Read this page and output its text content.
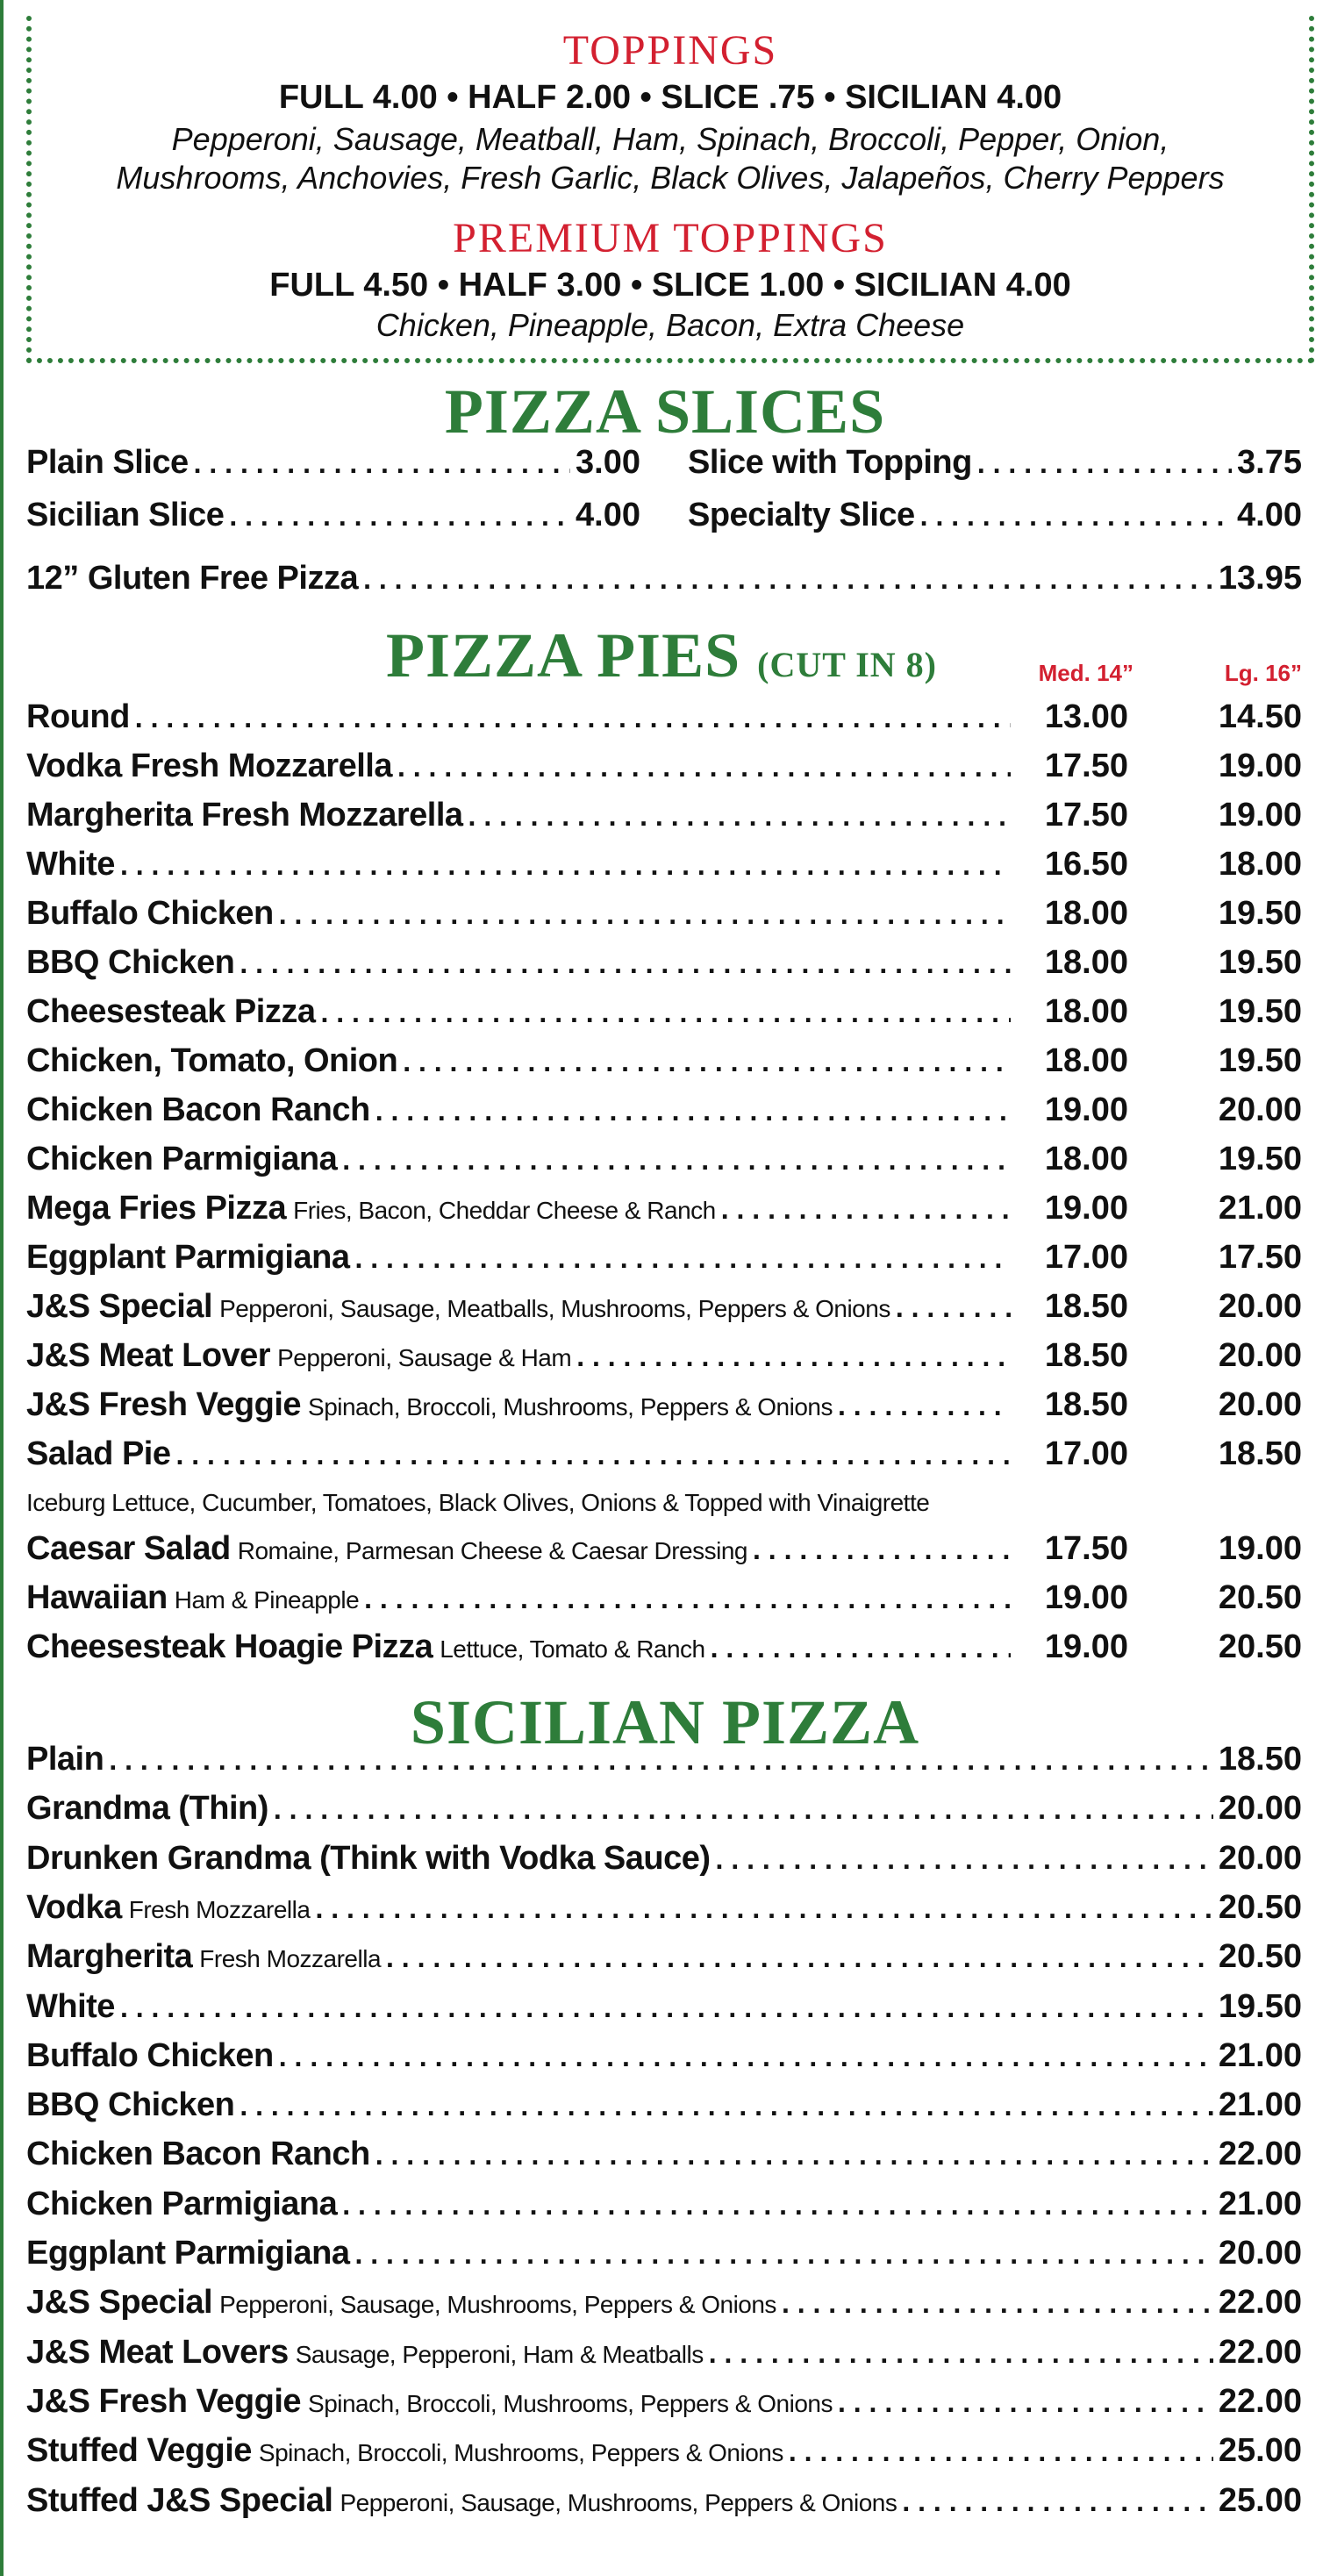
TOPPINGS
FULL 4.00 • HALF 2.00 • SLICE .75 • SICILIAN 4.00
Pepperoni, Sausage, Meatball, Ham, Spinach, Broccoli, Pepper, Onion,
Mushrooms, Anchovies, Fresh Garlic, Black Olives, Jalapeños, Cherry Peppers
PREMIUM TOPPINGS
FULL 4.50 • HALF 3.00 • SLICE 1.00 • SICILIAN 4.00
Chicken, Pineapple, Bacon, Extra Cheese
PIZZA SLICES
Plain Slice . . .	3.00 Slice with Topping . . .	3.75
Sicilian Slice . . .	4.00 Specialty Slice . . .	4.00
12” Gluten Free Pizza . . .	13.95
PIZZA PIES (CUT IN 8)	Med. 14”	Lg. 16”
Round . . .	13.00	14.50
Vodka Fresh Mozzarella . . .	17.50	19.00
Margherita Fresh Mozzarella . . .	17.50	19.00
White . . .	16.50	18.00
Buffalo Chicken . . .	18.00	19.50
BBQ Chicken . . .	18.00	19.50
Cheesesteak Pizza . . .	18.00	19.50
Chicken, Tomato, Onion . . .	18.00	19.50
Chicken Bacon Ranch . . .	19.00	20.00
Chicken Parmigiana . . .	18.00	19.50
Mega Fries Pizza Fries, Bacon, Cheddar Cheese & Ranch . . .	19.00	21.00
Eggplant Parmigiana . . .	17.00	17.50
J&S Special Pepperoni, Sausage, Meatballs, Mushrooms, Peppers & Onions . . .	18.50	20.00
J&S Meat Lover Pepperoni, Sausage & Ham . . .	18.50	20.00
J&S Fresh Veggie Spinach, Broccoli, Mushrooms, Peppers & Onions . . .	18.50	20.00
Salad Pie . . .	17.00	18.50
Caesar Salad Romaine, Parmesan Cheese & Caesar Dressing . . .	17.50	19.00
Hawaiian Ham & Pineapple . . .	19.00	20.50
Cheesesteak Hoagie Pizza Lettuce, Tomato & Ranch . . .	19.00	20.50
Iceburg Lettuce, Cucumber, Tomatoes, Black Olives, Onions & Topped with Vinaigrette
SICILIAN PIZZA
Plain . . .	18.50
Grandma (Thin) . . .	20.00
Drunken Grandma (Think with Vodka Sauce) . . .	20.00
Vodka Fresh Mozzarella . . .	20.50
Margherita Fresh Mozzarella . . .	20.50
White . . .	19.50
Buffalo Chicken . . .	21.00
BBQ Chicken . . .	21.00
Chicken Bacon Ranch . . .	22.00
Chicken Parmigiana . . .	21.00
Eggplant Parmigiana . . .	20.00
J&S Special Pepperoni, Sausage, Mushrooms, Peppers & Onions . . .	22.00
J&S Meat Lovers Sausage, Pepperoni, Ham & Meatballs . . .	22.00
J&S Fresh Veggie Spinach, Broccoli, Mushrooms, Peppers & Onions . . .	22.00
Stuffed Veggie Spinach, Broccoli, Mushrooms, Peppers & Onions . . .	25.00
Stuffed J&S Special Pepperoni, Sausage, Mushrooms, Peppers & Onions . . .	25.00
